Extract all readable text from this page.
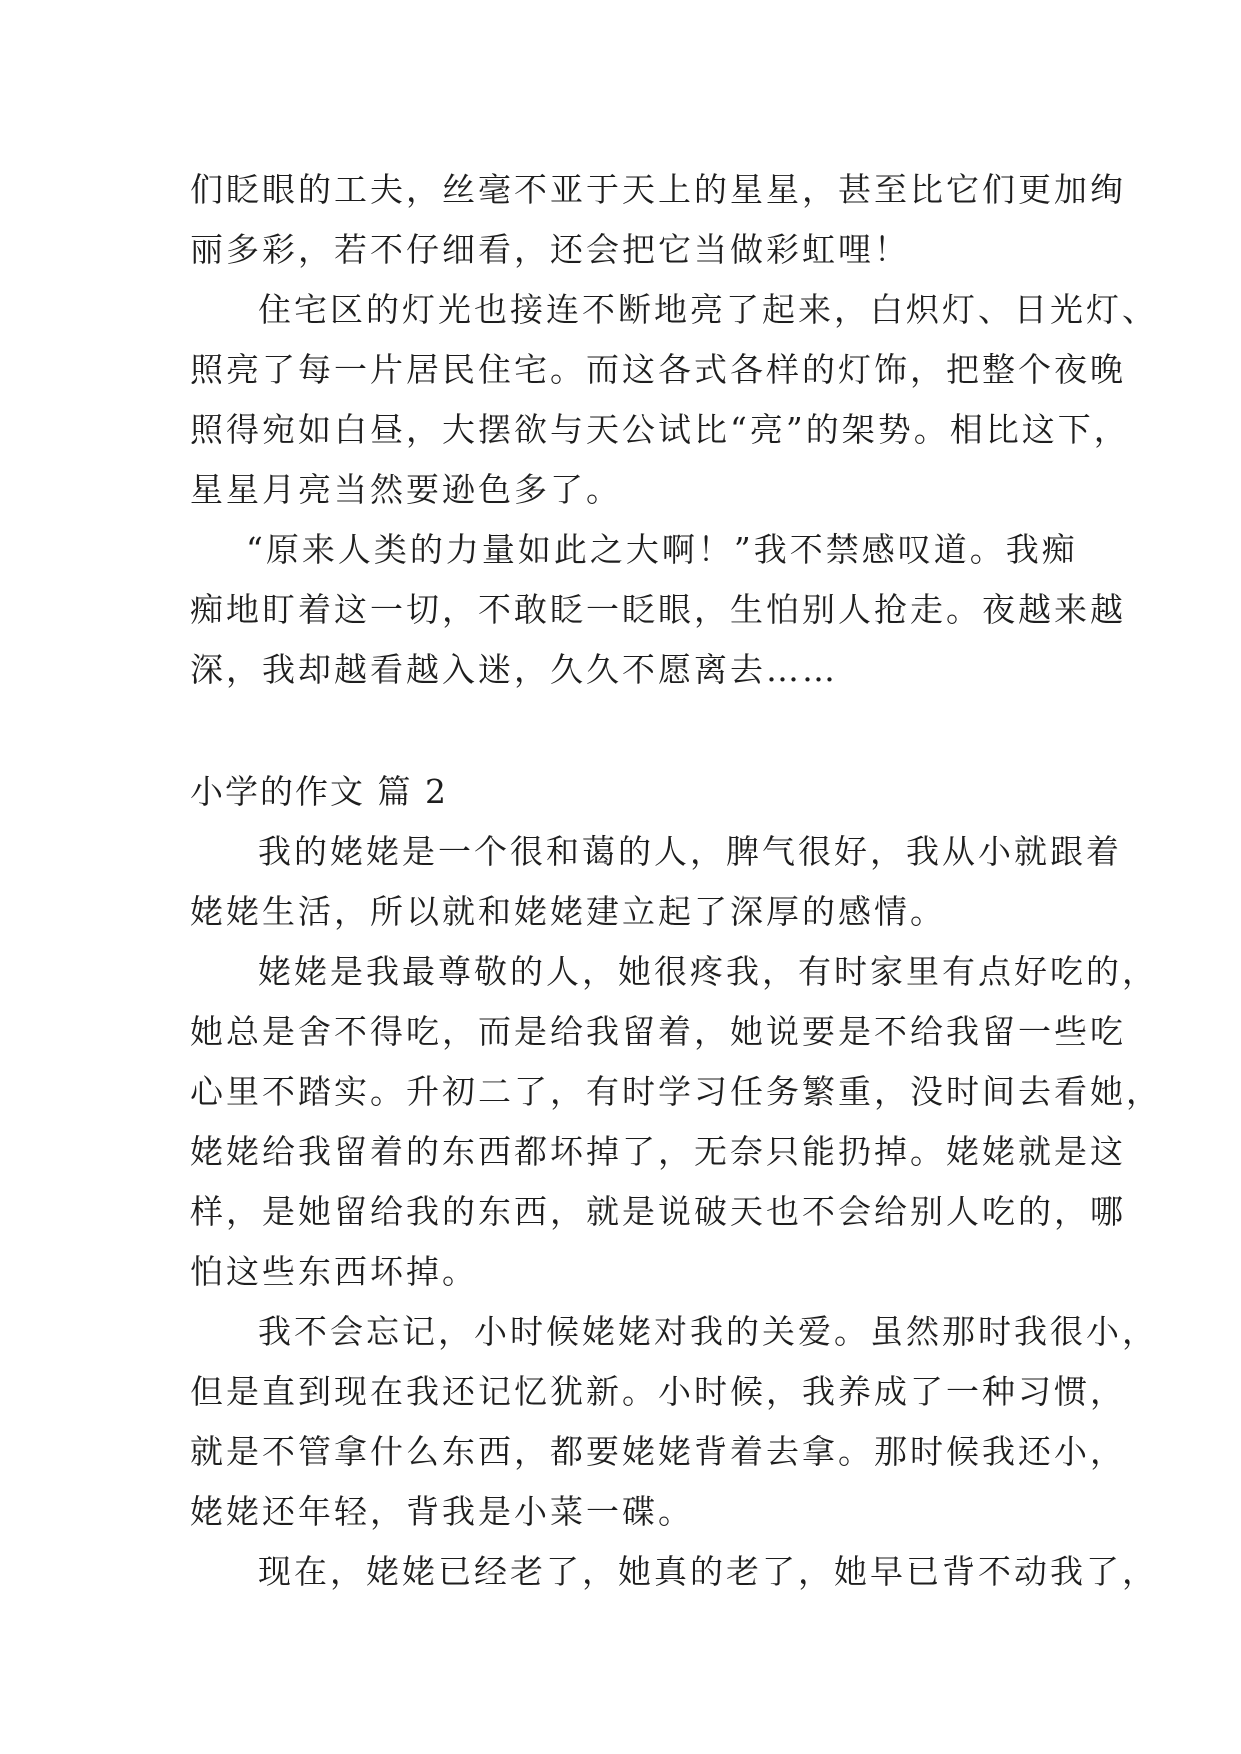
们眨眼的工夫，丝毫不亚于天上的星星，甚至比它们更加绚
丽多彩，若不仔细看，还会把它当做彩虹哩！
住宅区的灯光也接连不断地亮了起来，白炽灯、日光灯、
照亮了每一片居民住宅。而这各式各样的灯饰，把整个夜晚
照得宛如白昼，大摆欲与天公试比“亮”的架势。相比这下，
星星月亮当然要逊色多了。
“原来人类的力量如此之大啊！”我不禁感叹道。我痴
痴地盯着这一切，不敢眨一眨眼，生怕别人抢走。夜越来越
深，我却越看越入迷，久久不愿离去……
小学的作文 篇 2
我的姥姥是一个很和蔼的人，脾气很好，我从小就跟着
姥姥生活，所以就和姥姥建立起了深厚的感情。
姥姥是我最尊敬的人，她很疼我，有时家里有点好吃的，
她总是舍不得吃，而是给我留着，她说要是不给我留一些吃
心里不踏实。升初二了，有时学习任务繁重，没时间去看她，
姥姥给我留着的东西都坏掉了，无奈只能扔掉。姥姥就是这
样，是她留给我的东西，就是说破天也不会给别人吃的，哪
怕这些东西坏掉。
我不会忘记，小时候姥姥对我的关爱。虽然那时我很小，
但是直到现在我还记忆犹新。小时候，我养成了一种习惯，
就是不管拿什么东西，都要姥姥背着去拿。那时候我还小，
姥姥还年轻，背我是小菜一碟。
现在，姥姥已经老了，她真的老了，她早已背不动我了，
